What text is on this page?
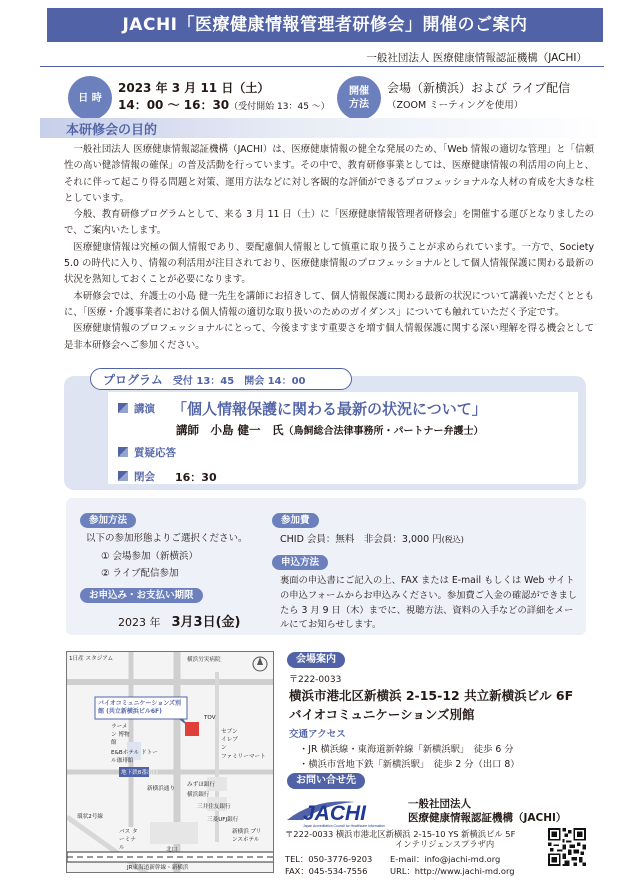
JACHI「医療健康情報管理者研修会」開催のご案内
一般社団法人 医療健康情報認証機構（JACHI）
日 時
2023 年 3 月 11 日（土）
14：00 ～ 16：30（受付開始 13：45 ～）
開催 方法
会場（新横浜）および ライブ配信
（ZOOM ミーティングを使用）
本研修会の目的

一般社団法人 医療健康情報認証機構（JACHI）は、医療健康情報の健全な発展のため、「Web 情報の適切な管理」と「信頼性の高い健診情報の確保」の普及活動を行っています。その中で、教育研修事業としては、医療健康情報の利活用の向上と、それに伴って起こり得る問題と対策、運用方法などに対し客観的な評価ができるプロフェッショナルな人材の育成を大きな柱としています。

今般、教育研修プログラムとして、来る 3 月 11 日（土）に「医療健康情報管理者研修会」を開催する運びとなりましたので、ご案内いたします。

医療健康情報は究極の個人情報であり、要配慮個人情報として慎重に取り扱うことが求められています。一方で、Society 5.0 の時代に入り、情報の利活用が注目されており、医療健康情報のプロフェッショナルとして個人情報保護に関わる最新の状況を熟知しておくことが必要になります。

本研修会では、弁護士の小島 健一先生を講師にお招きして、個人情報保護に関わる最新の状況について講義いただくとともに、「医療・介護事業者における個人情報の適切な取り扱いのためのガイダンス」についても触れていただく予定です。

医療健康情報のプロフェッショナルにとって、今後ますます重要さを増す個人情報保護に関する深い理解を得る機会として是非本研修会へご参加ください。

プログラム 受付 13：45　開会 14：00
講演 「個人情報保護に関わる最新の状況について」
講師　小島 健一　氏（鳥飼総合法律事務所・パートナー弁護士）
質疑応答
閉会 16：30
参加方法
以下の参加形態よりご選択ください。
① 会場参加（新横浜）
② ライブ配信参加
お申込み・お支払い期限
2023 年　 3月3日(金)
参加費
CHID 会員：無料　非会員：3,000 円(税込)
申込方法
裏面の申込書にご記入の上、FAX または E-mail もしくは Web サイトの申込フォームからお申込みください。参加費ご入金の確認ができましたら 3 月 9 日（木）までに、視聴方法、資料の入手などの詳細をメールにてお知らせします。
1日産 スタジアム	横浜労災病院
バイオコミュニケーションズ別館 (共立新横浜ビル6F)
ラーメン 博物館
E&Bホテル ドトール珈琲館
地下鉄8番出口
環状2号線
JR東海道新幹線・新横浜
北口
バス ターミナル
新横浜 プリンスホテル
三井住友銀行
三菱UFJ銀行
TOV
セブン イレブン
ファミリーマート
みずほ銀行
横浜銀行
新横浜通り
会場案内
〒222-0033
横浜市港北区新横浜 2-15-12 共立新横浜ビル 6F
バイオコミュニケーションズ別館
交通アクセス
・JR 横浜線・東海道新幹線「新横浜駅」　徒歩 6 分
・横浜市営地下鉄「新横浜駅」　徒歩 2 分（出口 8）
お問い合せ先
JACHI
Japan Accreditation Council for Healthcare Information
一般社団法人
医療健康情報認証機構（JACHI）
〒222-0033 横浜市港北区新横浜 2-15-10 YS 新横浜ビル 5F
インテリジェンスプラザ内
TEL：050-3776-9203 E-mail：info@jachi-md.org
FAX：045-534-7556	URL：http://www.jachi-md.org
